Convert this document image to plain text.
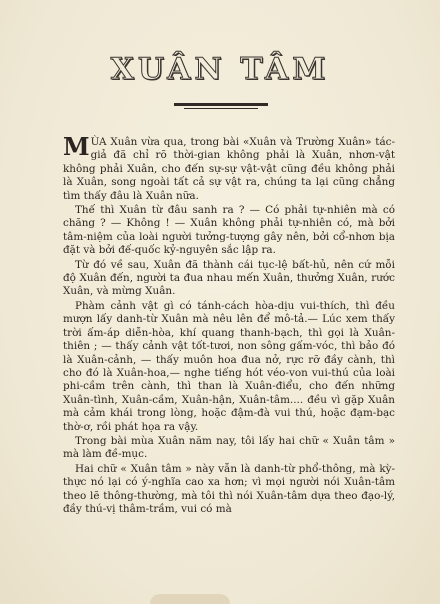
XUÂN TÂM

MÙA Xuân vừa qua, trong bài «Xuân và Trường Xuân» tác-giả đã chỉ rõ thời-gian không phải là Xuân, nhơn-vật không phải Xuân, cho đến sự-sự vật-vật cũng đều không phải là Xuân, song ngoài tất cả sự vật ra, chúng ta lại cũng chẳng tìm thấy đâu là Xuân nữa.

Thế thì Xuân từ đâu sanh ra ? — Có phải tự-nhiên mà có chăng ? — Không ! — Xuân không phải tự-nhiên có, mà bởi tâm-niệm của loài người tưởng-tượng gây nên, bởi cổ-nhơn bịa đặt và bởi đế-quốc kỷ-nguyên sắc lập ra.

Từ đó về sau, Xuân đã thành cái tục-lệ bất-hủ, nên cứ mỗi độ Xuân đến, người ta đua nhau mến Xuân, thưởng Xuân, rước Xuân, và mừng Xuân.

Phàm cảnh vật gì có tánh-cách hòa-dịu vui-thích, thì đều mượn lấy danh-từ Xuân mà nêu lên để mô-tả.— Lúc xem thấy trời ấm-áp diễn-hòa, khí quang thanh-bạch, thì gọi là Xuân-thiên ; — thấy cảnh vật tốt-tươi, non sông gấm-vóc, thì bảo đó là Xuân-cảnh, — thấy muôn hoa đua nở, rực rỡ đầy cành, thì cho đó là Xuân-hoa,— nghe tiếng hót véo-von vui-thú của loài phi-cầm trên cành, thì than là Xuân-điểu, cho đến những Xuân-tình, Xuân-cầm, Xuân-hận, Xuân-tâm.... đều vì gặp Xuân mà cảm khái trong lòng, hoặc đậm-đà vui thú, hoặc đạm-bạc thờ-ơ, rồi phát họa ra vậy.

Trong bài mùa Xuân năm nay, tôi lấy hai chữ « Xuân tâm » mà làm đề-mục.

Hai chữ « Xuân tâm » này vẫn là danh-từ phổ-thông, mà kỳ-thực nó lại có ý-nghĩa cao xa hơn; vì mọi người nói Xuân-tâm theo lẽ thông-thường, mà tôi thì nói Xuân-tâm dựa theo đạo-lý, đầy thú-vị thâm-trầm, vui có mà
